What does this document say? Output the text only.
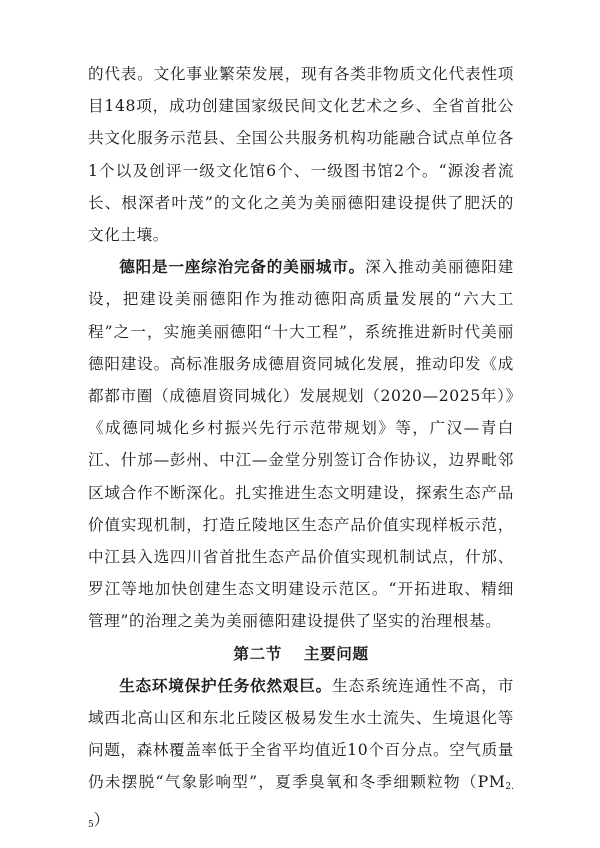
的代表。文化事业繁荣发展，现有各类非物质文化代表性项目148项，成功创建国家级民间文化艺术之乡、全省首批公共文化服务示范县、全国公共服务机构功能融合试点单位各1个以及创评一级文化馆6个、一级图书馆2个。“源浚者流长、根深者叶茂”的文化之美为美丽德阳建设提供了肥沃的文化土壤。

德阳是一座综治完备的美丽城市。深入推动美丽德阳建设，把建设美丽德阳作为推动德阳高质量发展的“六大工程”之一，实施美丽德阳“十大工程”，系统推进新时代美丽德阳建设。高标准服务成德眉资同城化发展，推动印发《成都都市圈（成德眉资同城化）发展规划（2020—2025年）》《成德同城化乡村振兴先行示范带规划》等，广汉—青白江、什邡—彭州、中江—金堂分别签订合作协议，边界毗邻区域合作不断深化。扎实推进生态文明建设，探索生态产品价值实现机制，打造丘陵地区生态产品价值实现样板示范，中江县入选四川省首批生态产品价值实现机制试点，什邡、罗江等地加快创建生态文明建设示范区。“开拓进取、精细管理”的治理之美为美丽德阳建设提供了坚实的治理根基。

第二节 主要问题

生态环境保护任务依然艰巨。生态系统连通性不高，市域西北高山区和东北丘陵区极易发生水土流失、生境退化等问题，森林覆盖率低于全省平均值近10个百分点。空气质量仍未摆脱“气象影响型”，夏季臭氧和冬季细颗粒物$(PM_{2.5})$
